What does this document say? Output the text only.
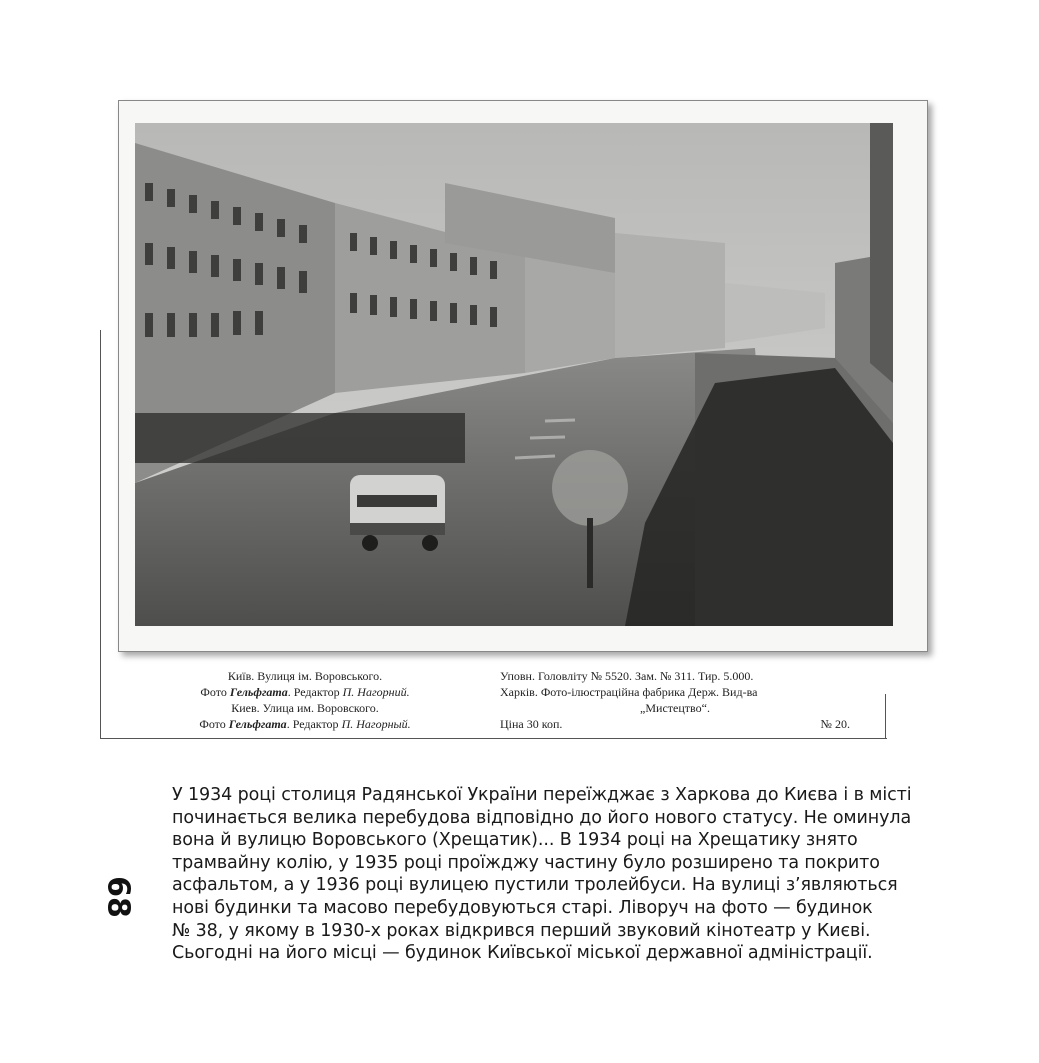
Київ. Вулиця ім. Воровського.
Фото Гельфгата. Редактор П. Нагорний.
Киев. Улица им. Воровского.
Фото Гельфгата. Редактор П. Нагорный.
Уповн. Головліту № 5520. Зам. № 311. Тир. 5.000.
Харків. Фото-ілюстраційна фабрика Держ. Вид-ва
„Мистецтво“.
Ціна 30 коп.	№ 20.
68
У 1934 році столиця Радянської України переїжджає з Харкова до Києва і в місті
починається велика перебудова відповідно до його нового статусу. Не оминула
вона й вулицю Воровського (Хрещатик)... В 1934 році на Хрещатику знято
трамвайну колію, у 1935 році проїжджу частину було розширено та покрито
асфальтом, а у 1936 році вулицею пустили тролейбуси. На вулиці з’являються
нові будинки та масово перебудовуються старі. Ліворуч на фото — будинок
№ 38, у якому в 1930-х роках відкрився перший звуковий кінотеатр у Києві.
Сьогодні на його місці — будинок Київської міської державної адміністрації.
